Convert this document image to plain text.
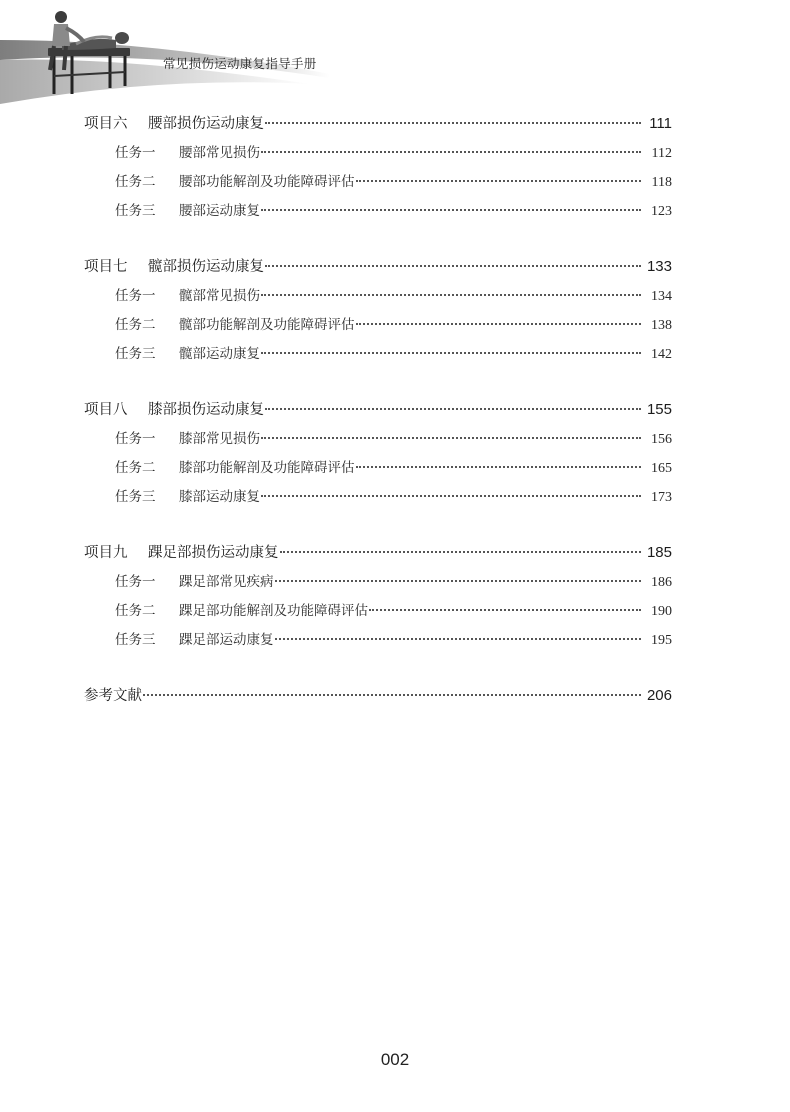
常见损伤运动康复指导手册
项目六 腰部损伤运动康复	111
任务一 腰部常见损伤	112
任务二 腰部功能解剖及功能障碍评估	118
任务三 腰部运动康复	123
项目七 髋部损伤运动康复	133
任务一 髋部常见损伤	134
任务二 髋部功能解剖及功能障碍评估	138
任务三 髋部运动康复	142
项目八 膝部损伤运动康复	155
任务一 膝部常见损伤	156
任务二 膝部功能解剖及功能障碍评估	165
任务三 膝部运动康复	173
项目九 踝足部损伤运动康复	185
任务一 踝足部常见疾病	186
任务二 踝足部功能解剖及功能障碍评估	190
任务三 踝足部运动康复	195
参考文献	206
002
